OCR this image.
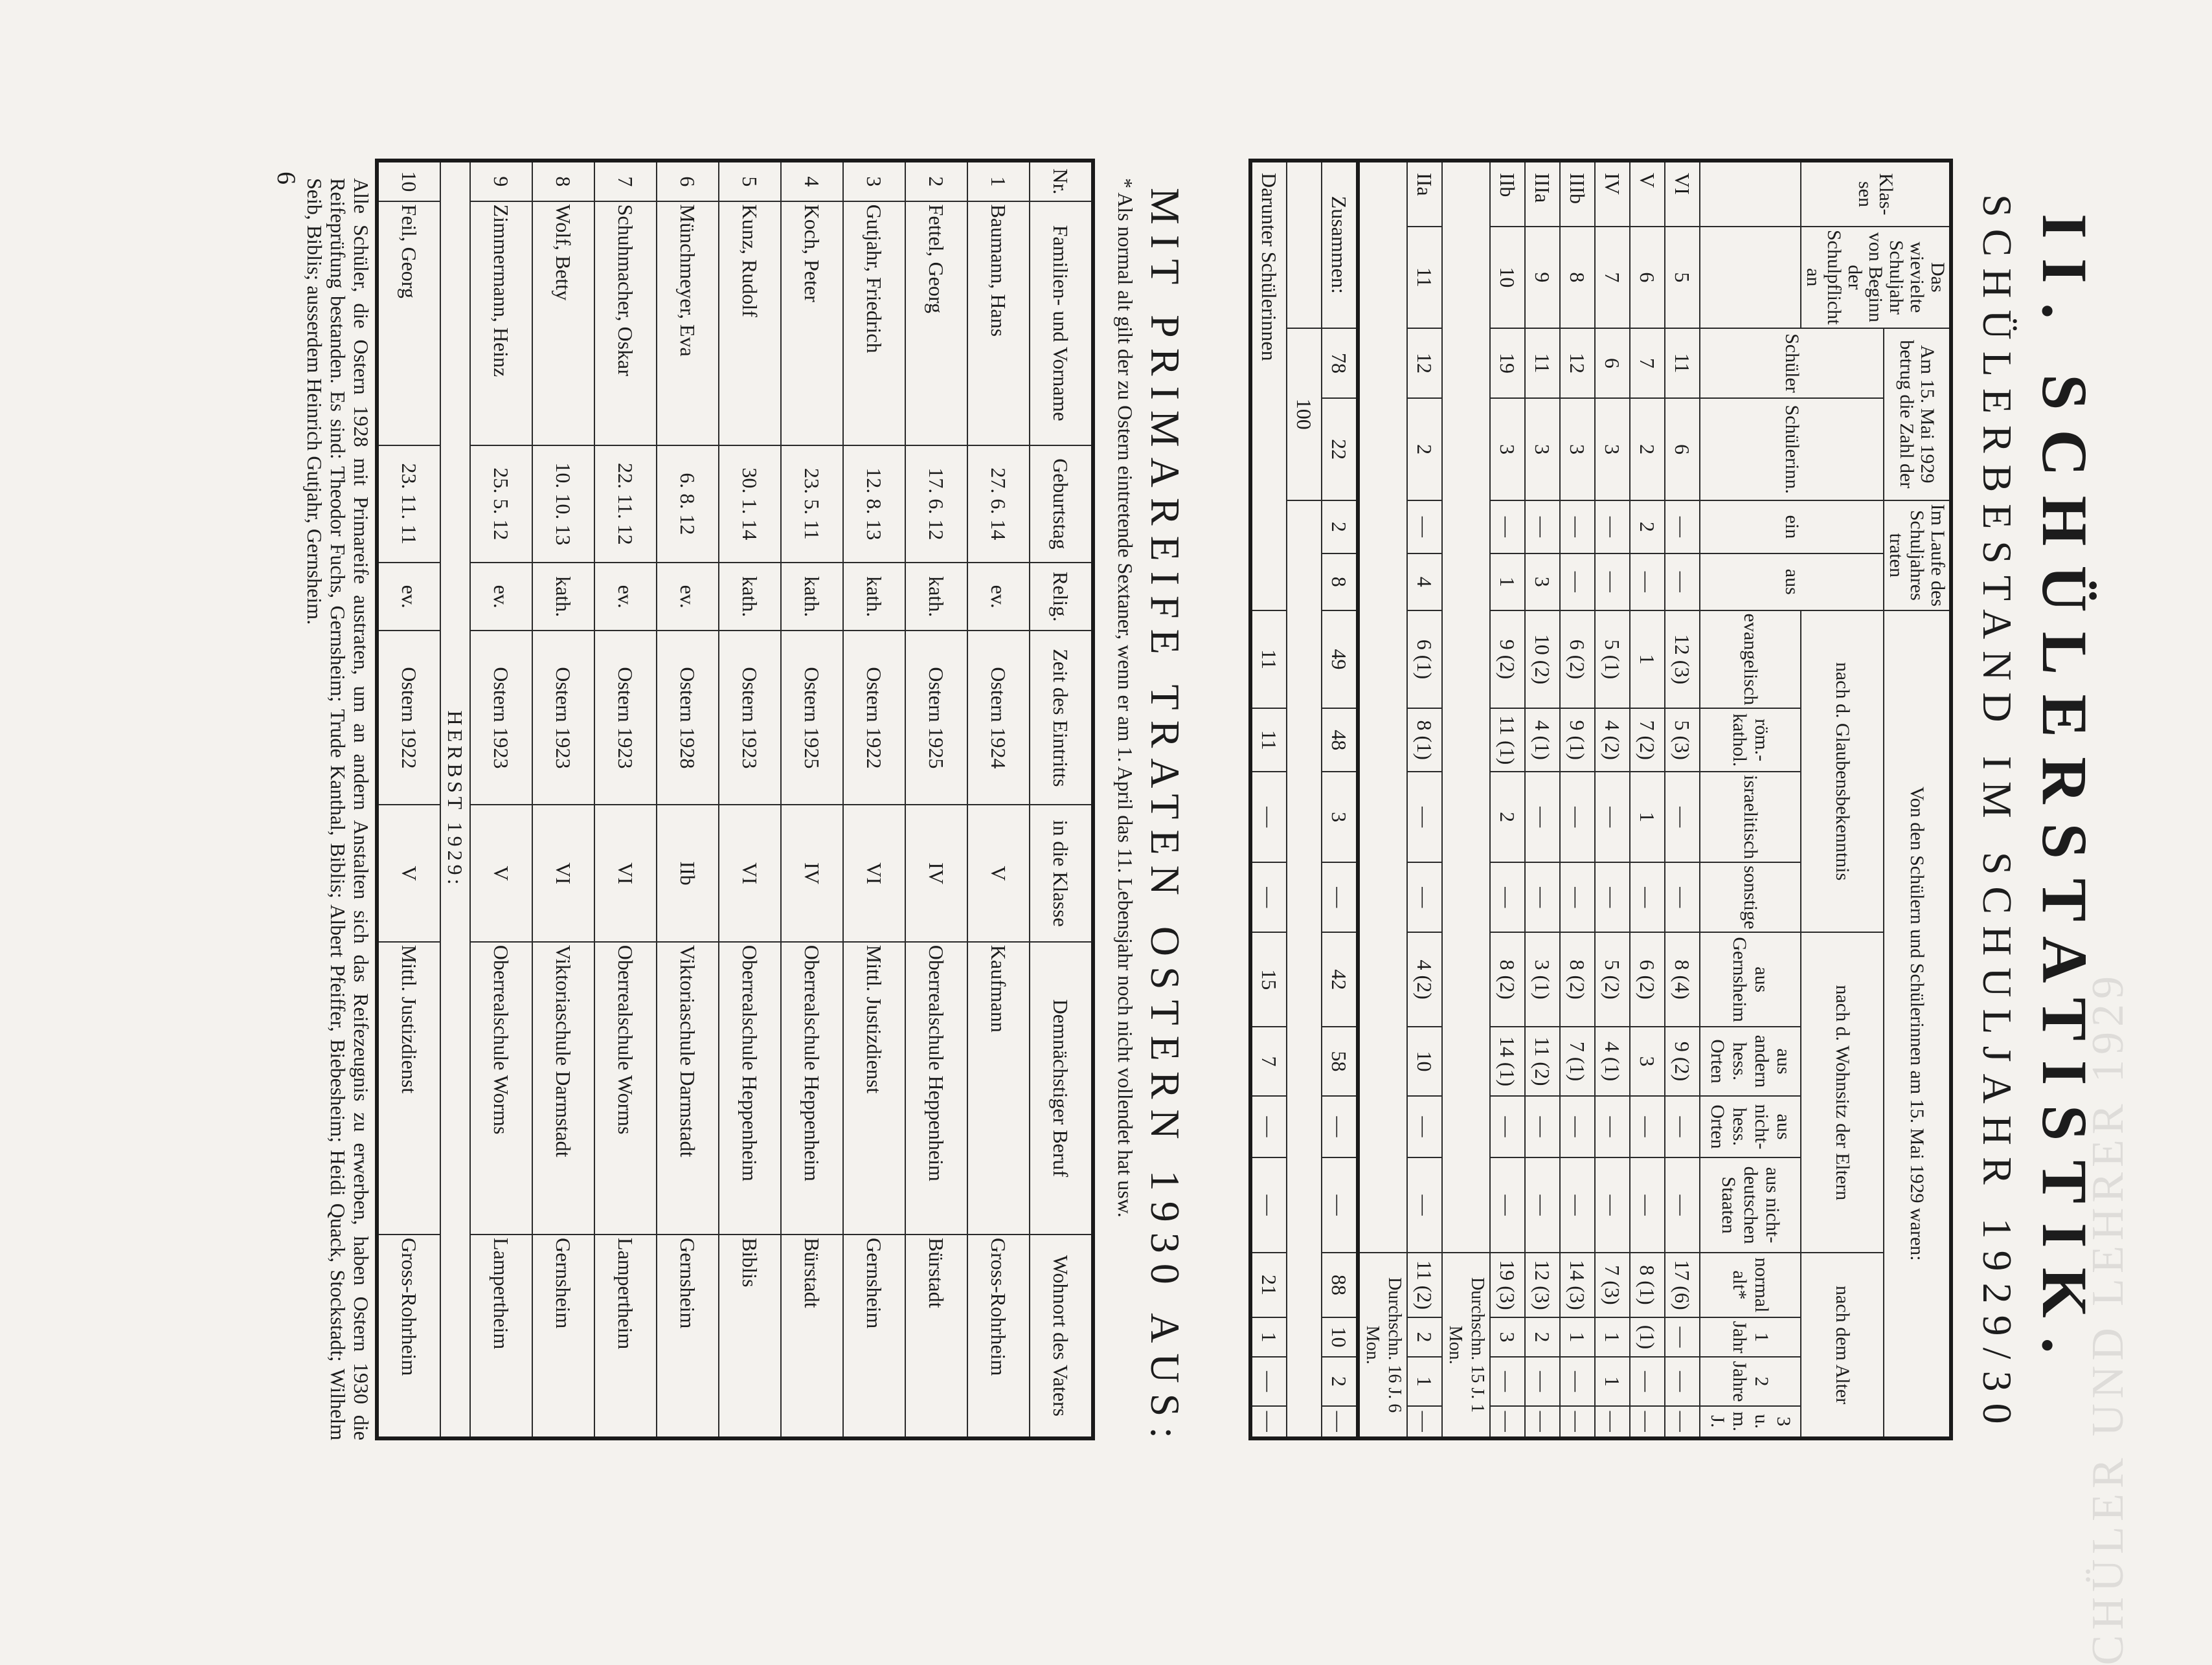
CHÜLER UND LEHRER 1929
II. SCHÜLERSTATISTIK.
SCHÜLERBESTAND IM SCHULJAHR 1929/30
Klas-sen	Das wievielte Schuljahr von Beginn der Schulpflicht an	Am 15. Mai 1929 betrug die Zahl der		Im Laufe des Schuljahres traten		Von den Schülern und Schülerinnen am 15. Mai 1929 waren:											
		Schüler	Schülerinn.	ein	aus	nach d. Glaubensbekenntnis				nach d. Wohnsitz der Eltern				nach dem Alter			
						evangelisch	röm.-kathol.	israelitisch	sonstige	aus Gernsheim	aus andern hess. Orten	aus nicht-hess. Orten	aus nicht-deutschen Staaten	normal alt*	1 Jahr	2 Jahre	3 u. m. J.
VI	5	11	6	—	—	12 (3)	5 (3)	—	—	8 (4)	9 (2)	—	—	17 (6)	—	—	—
V	6	7	2	2	—	1	7 (2)	1	—	6 (2)	3	—	—	8 (1)	(1)	—	—
IV	7	6	3	—	—	5 (1)	4 (2)	—	—	5 (2)	4 (1)	—	—	7 (3)	1	1	—
IIIb	8	12	3	—	—	6 (2)	9 (1)	—	—	8 (2)	7 (1)	—	—	14 (3)	1	—	—
IIIa	9	11	3	—	3	10 (2)	4 (1)	—	—	3 (1)	11 (2)	—	—	12 (3)	2	—	—
IIb	10	19	3	—	1	9 (2)	11 (1)	2	—	8 (2)	14 (1)	—	—	19 (3)	3	—	—
														Durchschn. 15 J. 1 Mon.			
IIa	11	12	2	—	4	6 (1)	8 (1)	—	—	4 (2)	10	—	—	11 (2)	2	1	—
														Durchschn. 16 J. 6 Mon.			
Zusammen:		78	22	2	8	49	48	3	—	42	58	—	—	88	10	2	—
		100															
Darunter Schülerinnen						11	11	—	—	15	7	—	—	21	1	—	—
* Als normal alt gilt der zu Ostern eintretende Sextaner, wenn er am 1. April das 11. Lebensjahr noch nicht vollendet hat usw. MIT PRIMAREIFE TRATEN OSTERN 1930 AUS:
Nr.	Familien- und Vorname	Geburtstag	Relig.	Zeit des Eintritts	in die Klasse	Demnächstiger Beruf	Wohnort des Vaters
1	Baumann, Hans	27. 6. 14	ev.	Ostern 1924	V	Kaufmann	Gross-Rohrheim
2	Fettel, Georg	17. 6. 12	kath.	Ostern 1925	IV	Oberrealschule Heppenheim	Bürstadt
3	Gutjahr, Friedrich	12. 8. 13	kath.	Ostern 1922	VI	Mittl. Justizdienst	Gernsheim
4	Koch, Peter	23. 5. 11	kath.	Ostern 1925	IV	Oberrealschule Heppenheim	Bürstadt
5	Kunz, Rudolf	30. 1. 14	kath.	Ostern 1923	VI	Oberrealschule Heppenheim	Biblis
6	Münchmeyer, Eva	6. 8. 12	ev.	Ostern 1928	IIb	Viktoriaschule Darmstadt	Gernsheim
7	Schuhmacher, Oskar	22. 11. 12	ev.	Ostern 1923	VI	Oberrealschule Worms	Lampertheim
8	Wolf, Betty	10. 10. 13	kath.	Ostern 1923	VI	Viktoriaschule Darmstadt	Gernsheim
9	Zimmermann, Heinz	25. 5. 12	ev.	Ostern 1923	V	Oberrealschule Worms	Lampertheim
HERBST 1929:							
10	Feil, Georg	23. 11. 11	ev.	Ostern 1922	V	Mittl. Justizdienst	Gross-Rohrheim
Alle Schüler, die Ostern 1928 mit Primareife austraten, um an andern Anstalten sich das Reifezeugnis zu erwerben, haben Ostern 1930 die Reifeprüfung bestanden. Es sind: Theodor Fuchs, Gernsheim; Trude Kanthal, Biblis; Albert Pfeiffer, Biebesheim; Heidi Quack, Stockstadt; Wilhelm Seib, Biblis; ausserdem Heinrich Gutjahr, Gernsheim.
6
